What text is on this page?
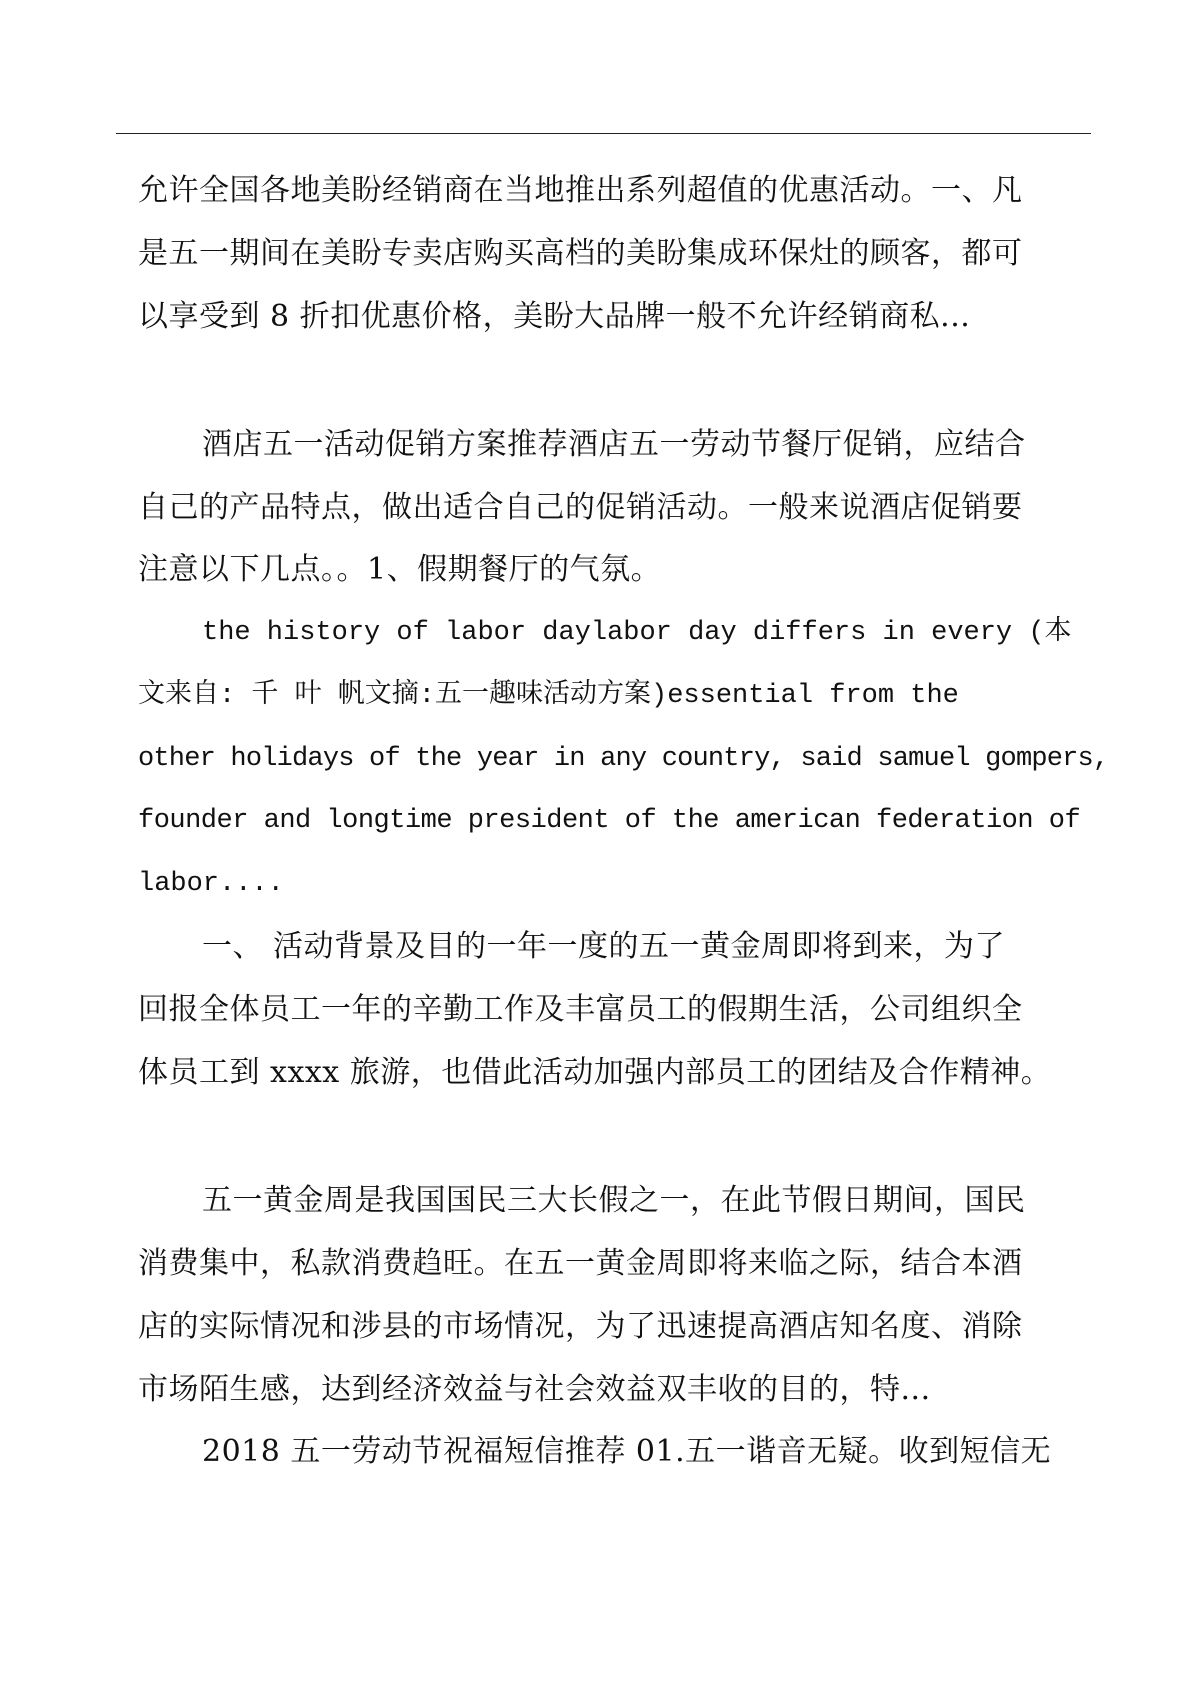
允许全国各地美盼经销商在当地推出系列超值的优惠活动。一、凡
是五一期间在美盼专卖店购买高档的美盼集成环保灶的顾客，都可
以享受到 8 折扣优惠价格，美盼大品牌一般不允许经销商私...
酒店五一活动促销方案推荐酒店五一劳动节餐厅促销，应结合
自己的产品特点，做出适合自己的促销活动。一般来说酒店促销要
注意以下几点。。1、假期餐厅的气氛。
the history of labor daylabor day differs in every (本
文来自: 千 叶 帆文摘:五一趣味活动方案)essential from the
other holidays of the year in any country, said samuel gompers,
founder and longtime president of the american federation of
labor....
一、 活动背景及目的一年一度的五一黄金周即将到来，为了
回报全体员工一年的辛勤工作及丰富员工的假期生活，公司组织全
体员工到 xxxx 旅游，也借此活动加强内部员工的团结及合作精神。
五一黄金周是我国国民三大长假之一，在此节假日期间，国民
消费集中，私款消费趋旺。在五一黄金周即将来临之际，结合本酒
店的实际情况和涉县的市场情况，为了迅速提高酒店知名度、消除
市场陌生感，达到经济效益与社会效益双丰收的目的，特...
2018 五一劳动节祝福短信推荐 01.五一谐音无疑。收到短信无
